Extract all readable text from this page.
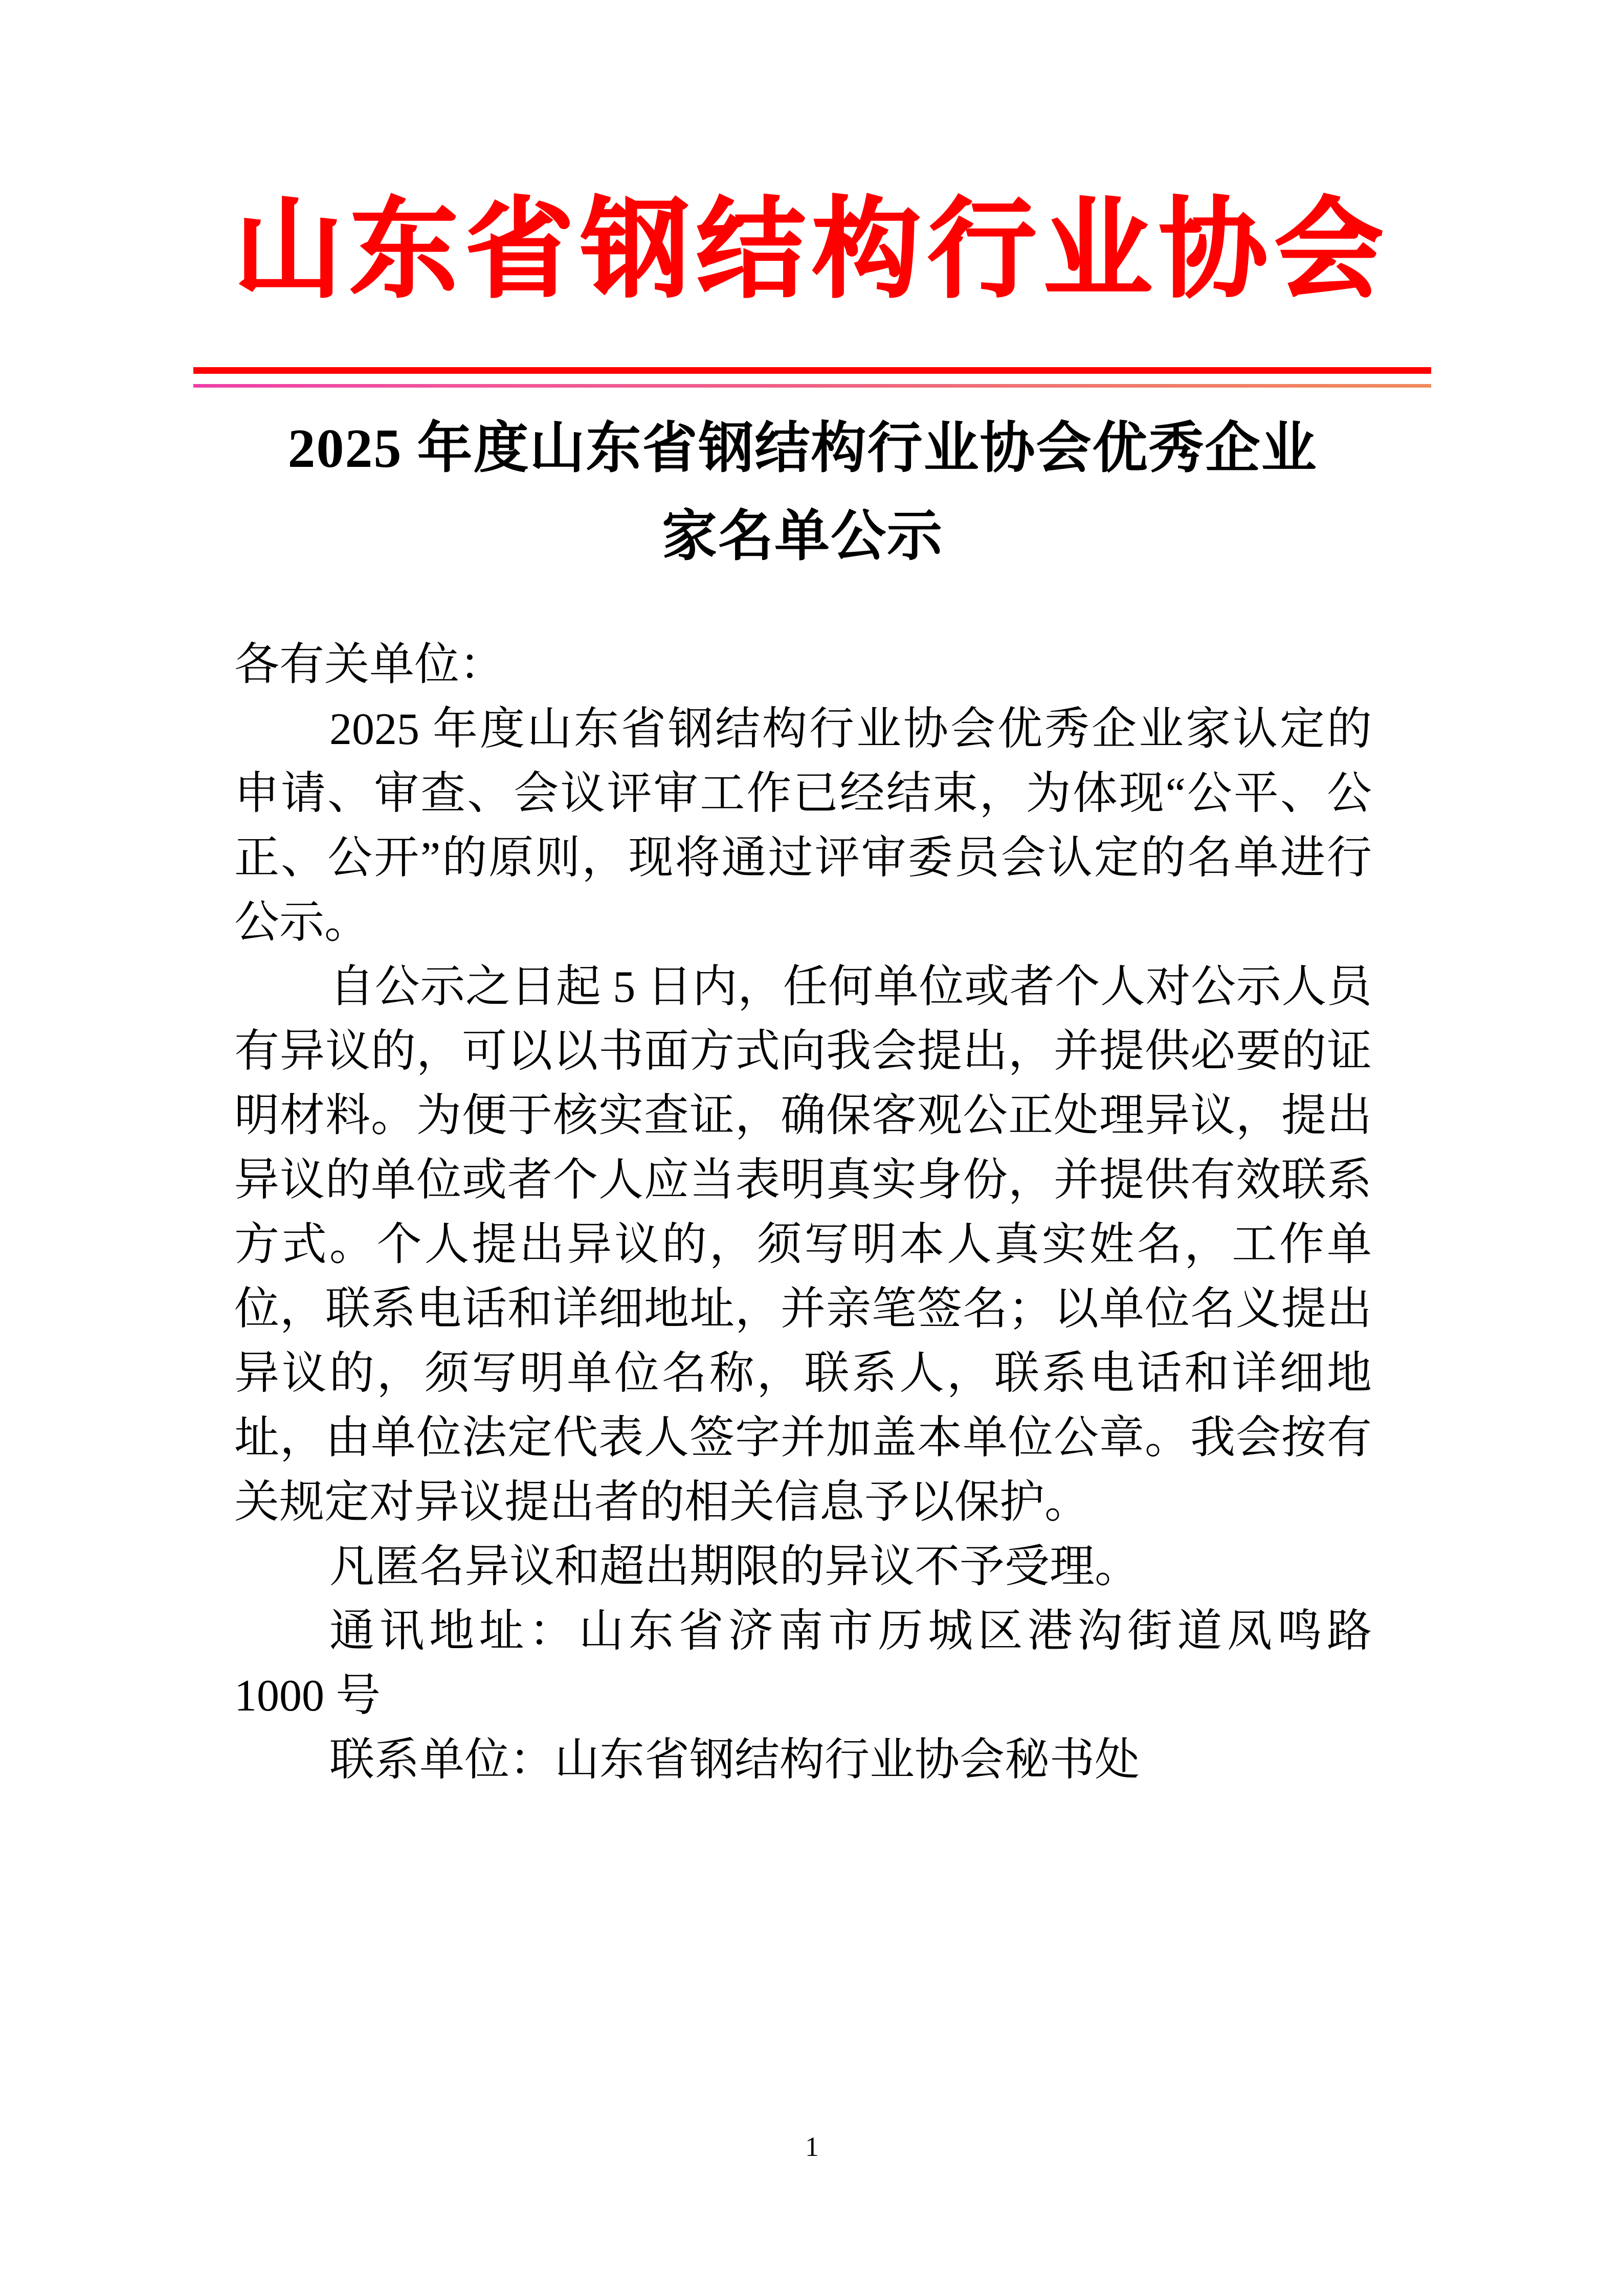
山东省钢结构行业协会
2025 年度山东省钢结构行业协会优秀企业
家名单公示

各有关单位：

2025 年度山东省钢结构行业协会优秀企业家认定的申请、审查、会议评审工作已经结束，为体现“公平、公正、公开”的原则，现将通过评审委员会认定的名单进行公示。

自公示之日起 5 日内，任何单位或者个人对公示人员有异议的，可以以书面方式向我会提出，并提供必要的证明材料。为便于核实查证，确保客观公正处理异议，提出异议的单位或者个人应当表明真实身份，并提供有效联系方式。个人提出异议的，须写明本人真实姓名，工作单位，联系电话和详细地址，并亲笔签名；以单位名义提出异议的，须写明单位名称，联系人，联系电话和详细地址，由单位法定代表人签字并加盖本单位公章。我会按有关规定对异议提出者的相关信息予以保护。

凡匿名异议和超出期限的异议不予受理。

通讯地址：山东省济南市历城区港沟街道凤鸣路 1000 号

联系单位：山东省钢结构行业协会秘书处

1
